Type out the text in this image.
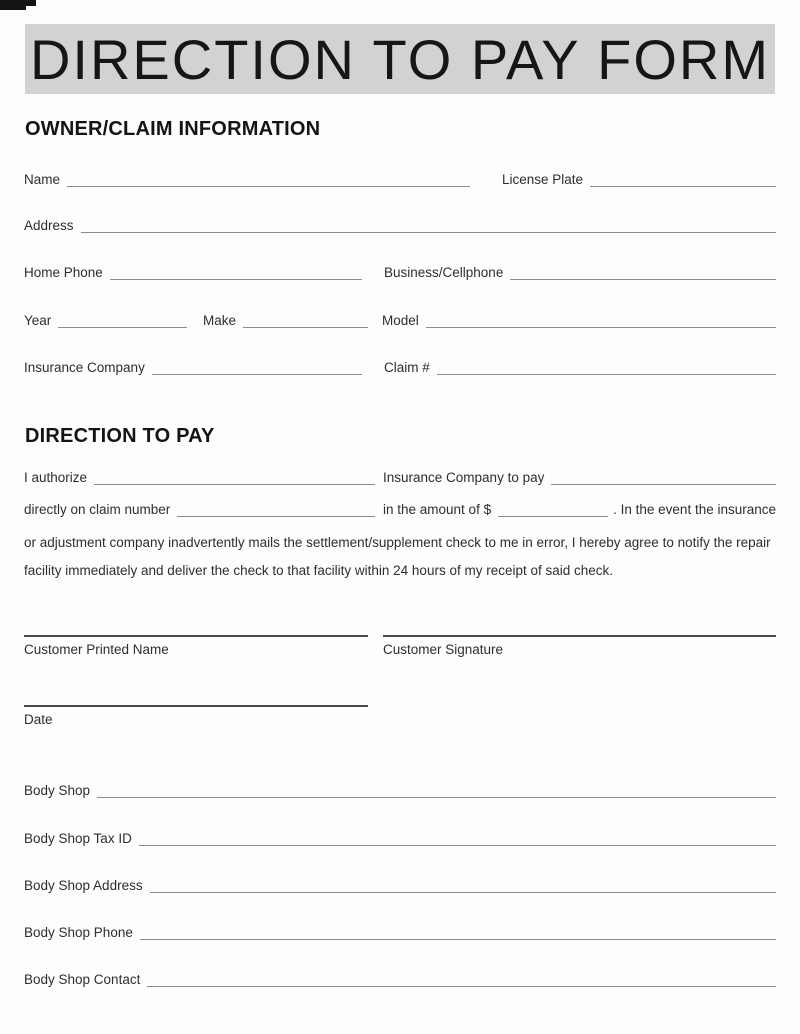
DIRECTION TO PAY FORM
OWNER/CLAIM INFORMATION
Name	License Plate
Address
Home Phone	Business/Cellphone
Year	Make	Model
Insurance Company	Claim #
DIRECTION TO PAY
I authorize	Insurance Company to pay
directly on claim number	in the amount of $	. In the event the insurance
or adjustment company inadvertently mails the settlement/supplement check to me in error, I hereby agree to notify the repair
facility immediately and deliver the check to that facility within 24 hours of my receipt of said check.
Customer Printed Name	Customer Signature
Date
Body Shop
Body Shop Tax ID
Body Shop Address
Body Shop Phone
Body Shop Contact
